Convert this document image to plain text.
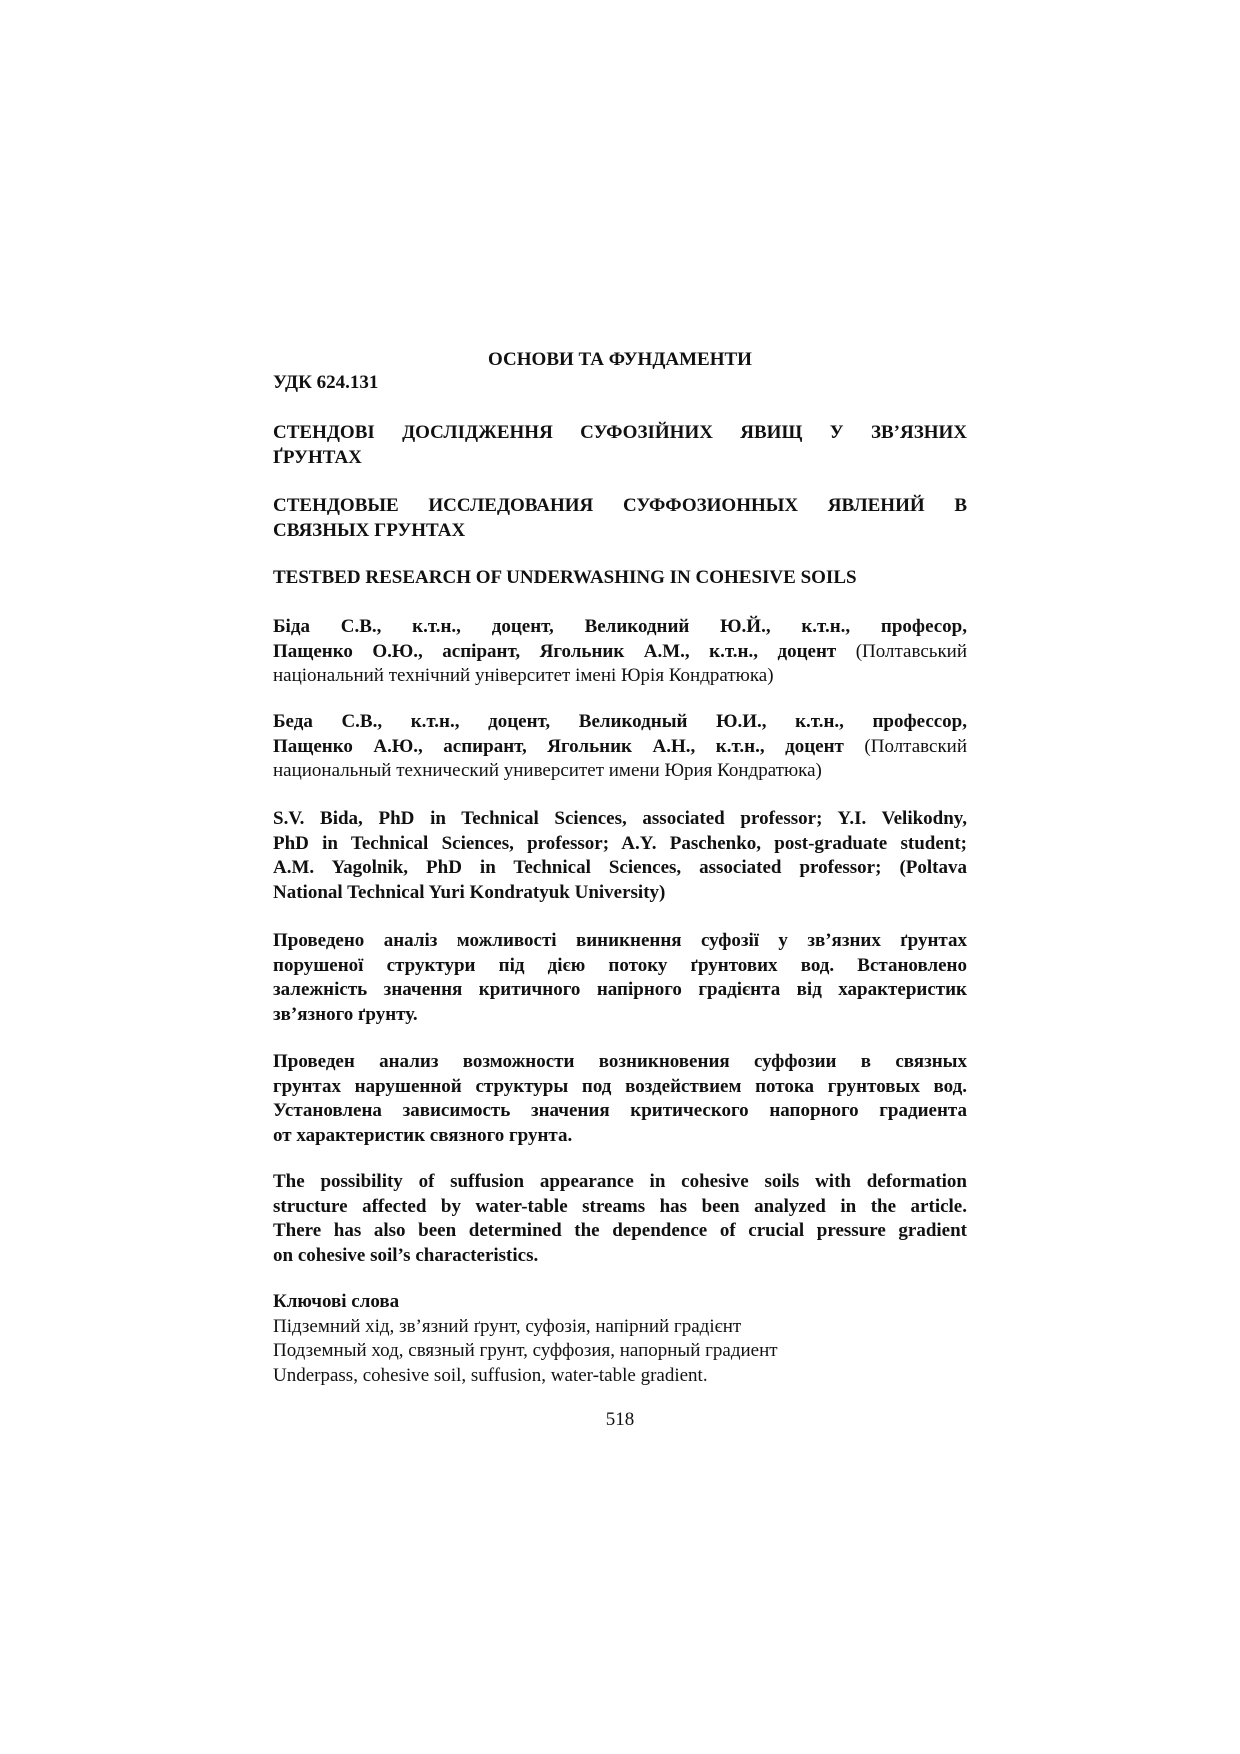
ОСНОВИ ТА ФУНДАМЕНТИ
УДК 624.131
СТЕНДОВІ ДОСЛІДЖЕННЯ СУФОЗІЙНИХ ЯВИЩ У ЗВ’ЯЗНИХ
ҐРУНТАХ
СТЕНДОВЫЕ ИССЛЕДОВАНИЯ СУФФОЗИОННЫХ ЯВЛЕНИЙ В
СВЯЗНЫХ ГРУНТАХ
TESTBED RESEARCH OF UNDERWASHING IN COHESIVE SOILS
Біда С.В., к.т.н., доцент, Великодний Ю.Й., к.т.н., професор,
Пащенко О.Ю., аспірант, Ягольник А.М., к.т.н., доцент (Полтавський
національний технічний університет імені Юрія Кондратюка)
Беда С.В., к.т.н., доцент, Великодный Ю.И., к.т.н., профессор,
Пащенко А.Ю., аспирант, Ягольник А.Н., к.т.н., доцент (Полтавский
национальный технический университет имени Юрия Кондратюка)
S.V. Bida, PhD in Technical Sciences, associated professor; Y.I. Velikodny,
PhD in Technical Sciences, professor; A.Y. Paschenko, post-graduate student;
A.M. Yagolnik, PhD in Technical Sciences, associated professor; (Poltava
National Technical Yuri Kondratyuk University)
Проведено аналіз можливості виникнення суфозії у зв’язних ґрунтах
порушеної структури під дією потоку ґрунтових вод. Встановлено
залежність значення критичного напірного градієнта від характеристик
зв’язного ґрунту.
Проведен анализ возможности возникновения суффозии в связных
грунтах нарушенной структуры под воздействием потока грунтовых вод.
Установлена зависимость значения критического напорного градиента
от характеристик связного грунта.
The possibility of suffusion appearance in cohesive soils with deformation
structure affected by water-table streams has been analyzed in the article.
There has also been determined the dependence of crucial pressure gradient
on cohesive soil’s characteristics.
Ключові слова
Підземний хід, зв’язний ґрунт, суфозія, напірний градієнт
Подземный ход, связный грунт, суффозия, напорный градиент
Underpass, cohesive soil, suffusion, water-table gradient.
518
